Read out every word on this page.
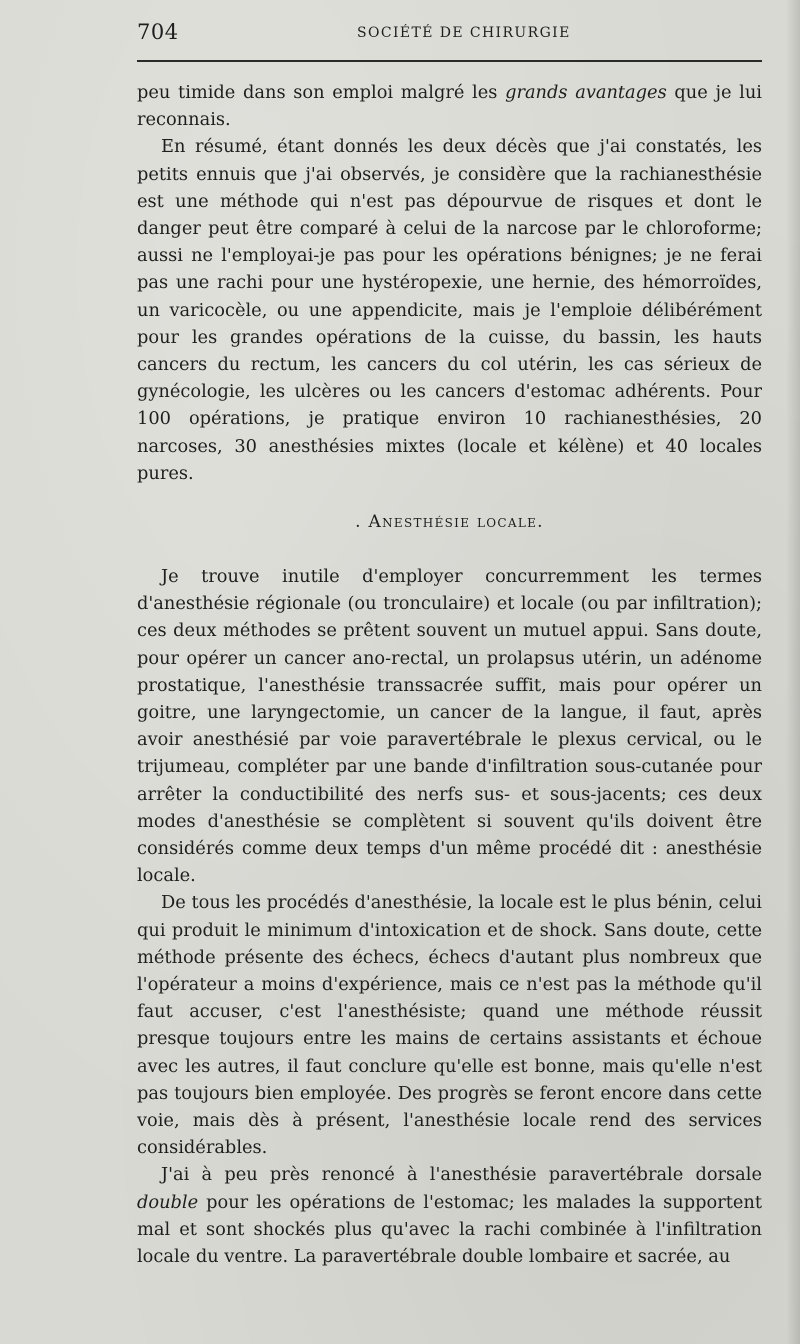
704	SOCIÉTÉ DE CHIRURGIE

peu timide dans son emploi malgré les grands avantages que je lui reconnais.

En résumé, étant donnés les deux décès que j'ai constatés, les petits ennuis que j'ai observés, je considère que la rachianesthésie est une méthode qui n'est pas dépourvue de risques et dont le danger peut être comparé à celui de la narcose par le chloroforme; aussi ne l'employai-je pas pour les opérations bénignes; je ne ferai pas une rachi pour une hystéropexie, une hernie, des hémorroïdes, un varicocèle, ou une appendicite, mais je l'emploie délibérément pour les grandes opérations de la cuisse, du bassin, les hauts cancers du rectum, les cancers du col utérin, les cas sérieux de gynécologie, les ulcères ou les cancers d'estomac adhérents. Pour 100 opérations, je pratique environ 10 rachianesthésies, 20 narcoses, 30 anesthésies mixtes (locale et kélène) et 40 locales pures.

. Anesthésie locale.

Je trouve inutile d'employer concurremment les termes d'anesthésie régionale (ou tronculaire) et locale (ou par infiltration); ces deux méthodes se prêtent souvent un mutuel appui. Sans doute, pour opérer un cancer ano-rectal, un prolapsus utérin, un adénome prostatique, l'anesthésie transsacrée suffit, mais pour opérer un goitre, une laryngectomie, un cancer de la langue, il faut, après avoir anesthésié par voie paravertébrale le plexus cervical, ou le trijumeau, compléter par une bande d'infiltration sous-cutanée pour arrêter la conductibilité des nerfs sus- et sous-jacents; ces deux modes d'anesthésie se complètent si souvent qu'ils doivent être considérés comme deux temps d'un même procédé dit : anesthésie locale.

De tous les procédés d'anesthésie, la locale est le plus bénin, celui qui produit le minimum d'intoxication et de shock. Sans doute, cette méthode présente des échecs, échecs d'autant plus nombreux que l'opérateur a moins d'expérience, mais ce n'est pas la méthode qu'il faut accuser, c'est l'anesthésiste; quand une méthode réussit presque toujours entre les mains de certains assistants et échoue avec les autres, il faut conclure qu'elle est bonne, mais qu'elle n'est pas toujours bien employée. Des progrès se feront encore dans cette voie, mais dès à présent, l'anesthésie locale rend des services considérables.

J'ai à peu près renoncé à l'anesthésie paravertébrale dorsale double pour les opérations de l'estomac; les malades la supportent mal et sont shockés plus qu'avec la rachi combinée à l'infiltration locale du ventre. La paravertébrale double lombaire et sacrée, au
